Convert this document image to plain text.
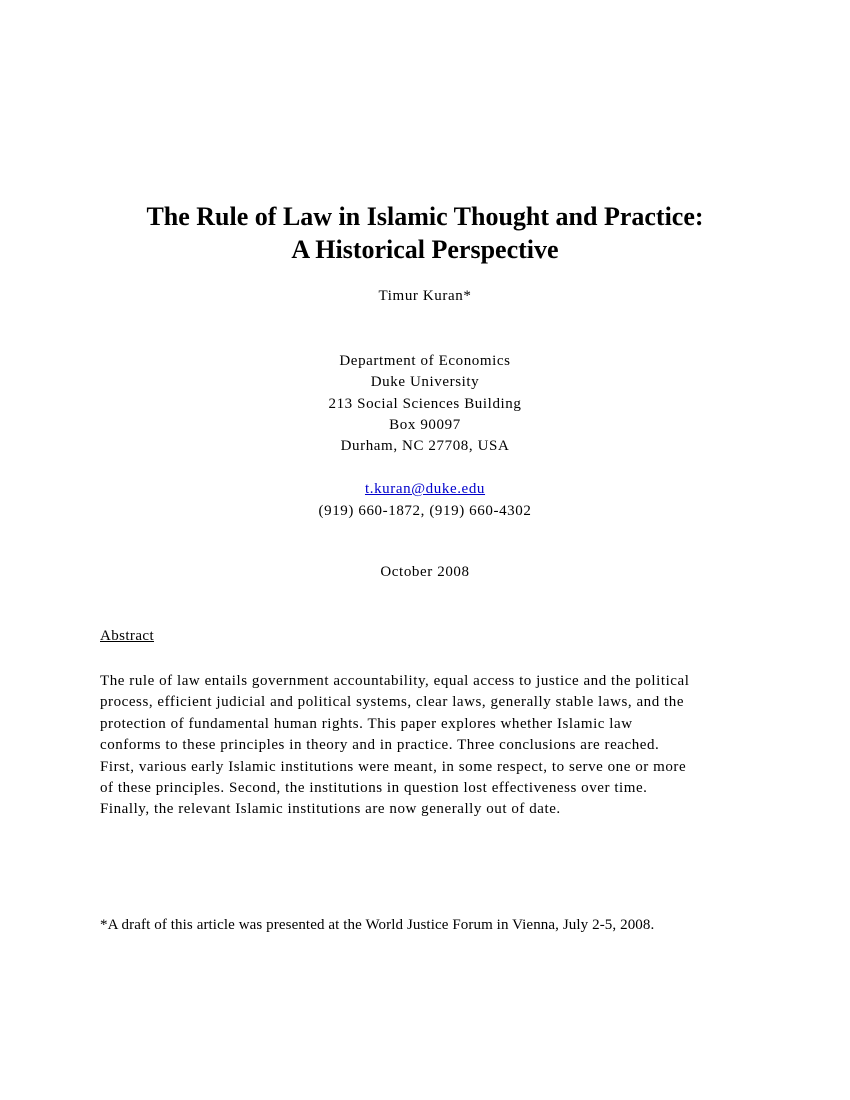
The Rule of Law in Islamic Thought and Practice:
A Historical Perspective

Timur Kuran*

Department of Economics
Duke University
213 Social Sciences Building
Box 90097
Durham, NC 27708, USA
t.kuran@duke.edu
(919) 660-1872, (919) 660-4302

October 2008

Abstract

The rule of law entails government accountability, equal access to justice and the political
process, efficient judicial and political systems, clear laws, generally stable laws, and the
protection of fundamental human rights. This paper explores whether Islamic law
conforms to these principles in theory and in practice. Three conclusions are reached.
First, various early Islamic institutions were meant, in some respect, to serve one or more
of these principles. Second, the institutions in question lost effectiveness over time.
Finally, the relevant Islamic institutions are now generally out of date.

*A draft of this article was presented at the World Justice Forum in Vienna, July 2-5, 2008.
